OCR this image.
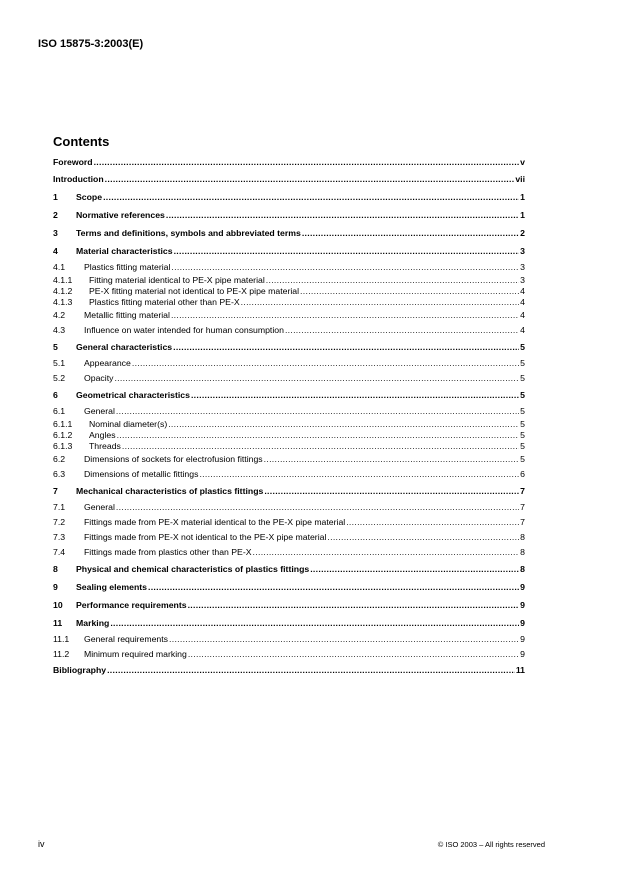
ISO 15875-3:2003(E)
Contents
Foreword .....	v
Introduction .....	vii
1	Scope .....	1
2	Normative references .....	1
3	Terms and definitions, symbols and abbreviated terms .....	2
4	Material characteristics .....	3
4.1	Plastics fitting material .....	3
4.1.1	Fitting material identical to PE-X pipe material .....	3
4.1.2	PE-X fitting material not identical to PE-X pipe material .....	4
4.1.3	Plastics fitting material other than PE-X .....	4
4.2	Metallic fitting material .....	4
4.3	Influence on water intended for human consumption .....	4
5	General characteristics .....	5
5.1	Appearance .....	5
5.2	Opacity .....	5
6	Geometrical characteristics .....	5
6.1	General .....	5
6.1.1	Nominal diameter(s) .....	5
6.1.2	Angles .....	5
6.1.3	Threads .....	5
6.2	Dimensions of sockets for electrofusion fittings .....	5
6.3	Dimensions of metallic fittings .....	6
7	Mechanical characteristics of plastics fittings .....	7
7.1	General .....	7
7.2	Fittings made from PE-X material identical to the PE-X pipe material .....	7
7.3	Fittings made from PE-X not identical to the PE-X pipe material .....	8
7.4	Fittings made from plastics other than PE-X .....	8
8	Physical and chemical characteristics of plastics fittings .....	8
9	Sealing elements .....	9
10	Performance requirements .....	9
11	Marking .....	9
11.1	General requirements .....	9
11.2	Minimum required marking .....	9
Bibliography .....	11
iv	© ISO 2003 – All rights reserved
